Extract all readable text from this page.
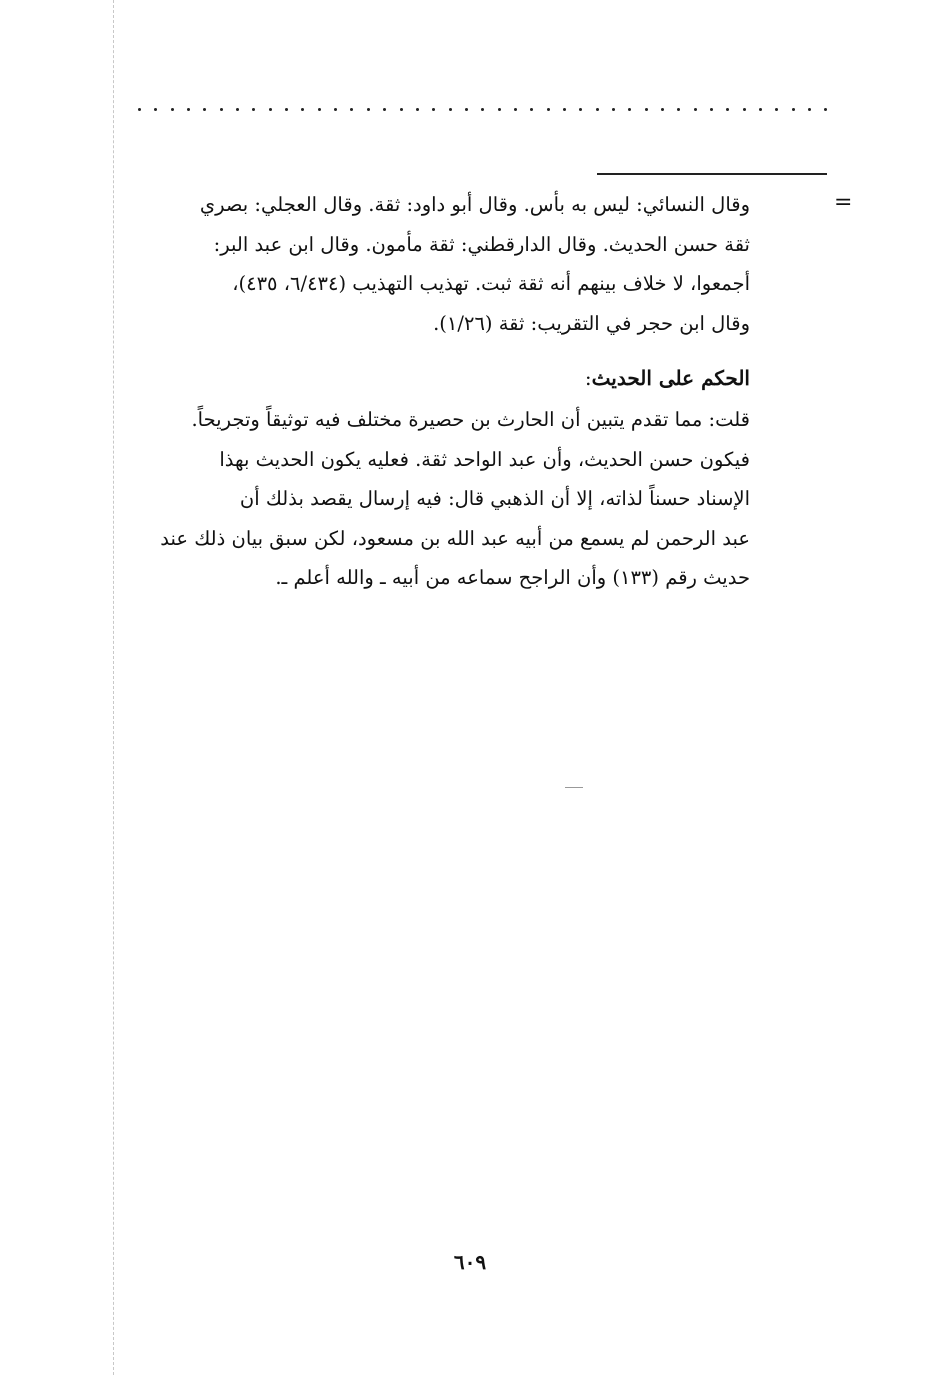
=
وقال النسائي: ليس به بأس. وقال أبو داود: ثقة. وقال العجلي: بصري
ثقة حسن الحديث. وقال الدارقطني: ثقة مأمون. وقال ابن عبد البر:
أجمعوا، لا خلاف بينهم أنه ثقة ثبت. تهذيب التهذيب (٦/٤٣٤، ٤٣٥)،
وقال ابن حجر في التقريب: ثقة (١/٢٦).
الحكم على الحديث:
قلت: مما تقدم يتبين أن الحارث بن حصيرة مختلف فيه توثيقاً وتجريحاً.
فيكون حسن الحديث، وأن عبد الواحد ثقة. فعليه يكون الحديث بهذا
الإسناد حسناً لذاته، إلا أن الذهبي قال: فيه إرسال يقصد بذلك أن
عبد الرحمن لم يسمع من أبيه عبد الله بن مسعود، لكن سبق بيان ذلك عند
حديث رقم (١٣٣) وأن الراجح سماعه من أبيه ـ والله أعلم ـ.
٦٠٩
